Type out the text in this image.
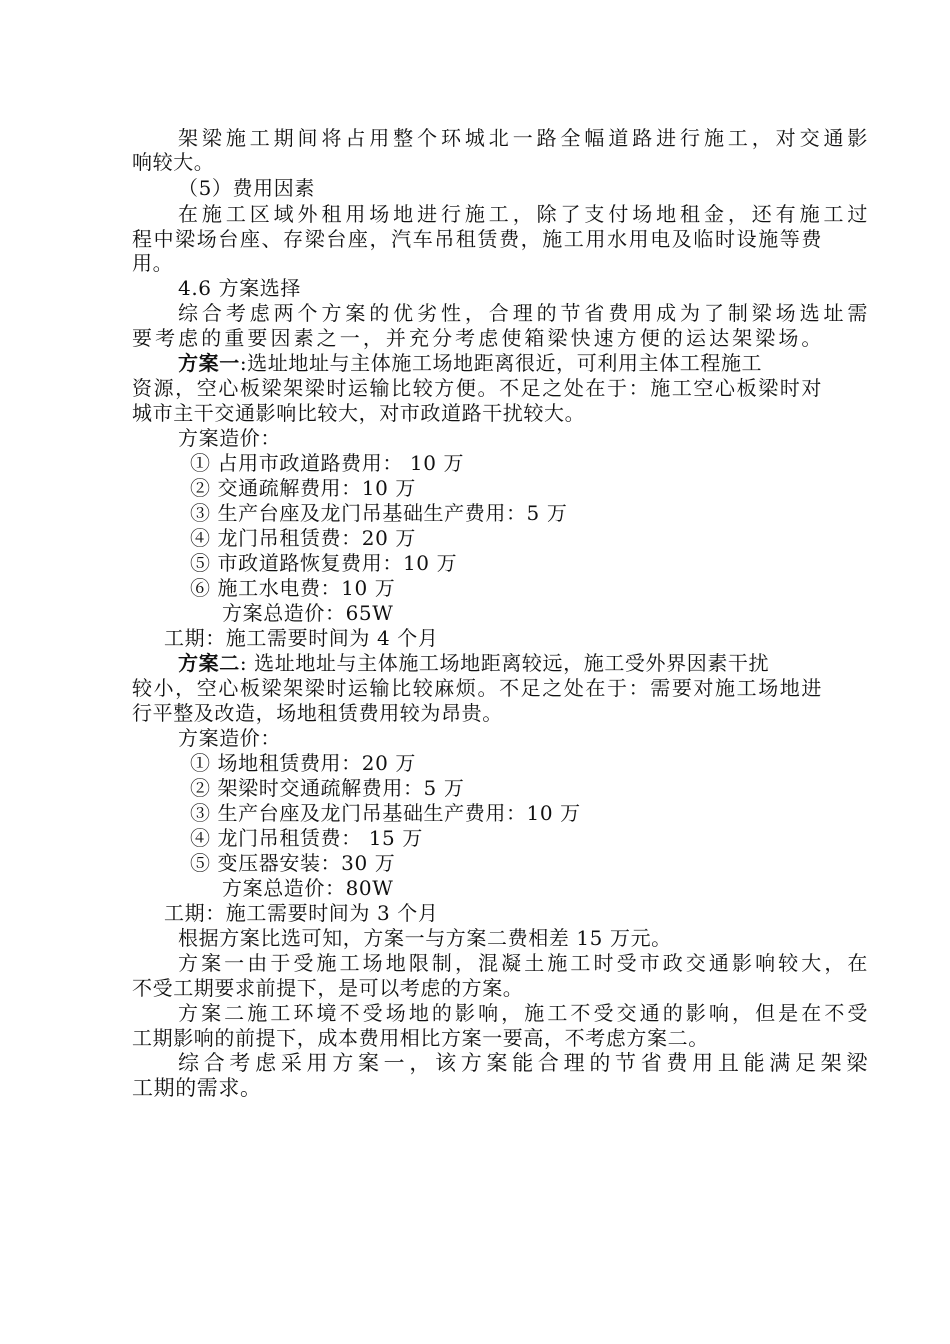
架梁施工期间将占用整个环城北一路全幅道路进行施工，对交通影
响较大。
（5）费用因素
在施工区域外租用场地进行施工，除了支付场地租金，还有施工过
程中梁场台座、存梁台座，汽车吊租赁费，施工用水用电及临时设施等费
用。
4.6 方案选择
综合考虑两个方案的优劣性，合理的节省费用成为了制梁场选址需
要考虑的重要因素之一，并充分考虑使箱梁快速方便的运达架梁场。
方案一:选址地址与主体施工场地距离很近，可利用主体工程施工
资源，空心板梁架梁时运输比较方便。不足之处在于：施工空心板梁时对
城市主干交通影响比较大，对市政道路干扰较大。
方案造价：
① 占用市政道路费用： 10 万
② 交通疏解费用：10 万
③ 生产台座及龙门吊基础生产费用：5 万
④ 龙门吊租赁费：20 万
⑤ 市政道路恢复费用：10 万
⑥ 施工水电费：10 万
方案总造价：65W
工期：施工需要时间为 4 个月
方案二: 选址地址与主体施工场地距离较远，施工受外界因素干扰
较小，空心板梁架梁时运输比较麻烦。不足之处在于：需要对施工场地进
行平整及改造，场地租赁费用较为昂贵。
方案造价：
① 场地租赁费用：20 万
② 架梁时交通疏解费用：5 万
③ 生产台座及龙门吊基础生产费用：10 万
④ 龙门吊租赁费： 15 万
⑤ 变压器安装：30 万
方案总造价：80W
工期：施工需要时间为 3 个月
根据方案比选可知，方案一与方案二费相差 15 万元。
方案一由于受施工场地限制，混凝土施工时受市政交通影响较大，在
不受工期要求前提下，是可以考虑的方案。
方案二施工环境不受场地的影响，施工不受交通的影响，但是在不受
工期影响的前提下，成本费用相比方案一要高，不考虑方案二。
综合考虑采用方案一，该方案能合理的节省费用且能满足架梁
工期的需求。
